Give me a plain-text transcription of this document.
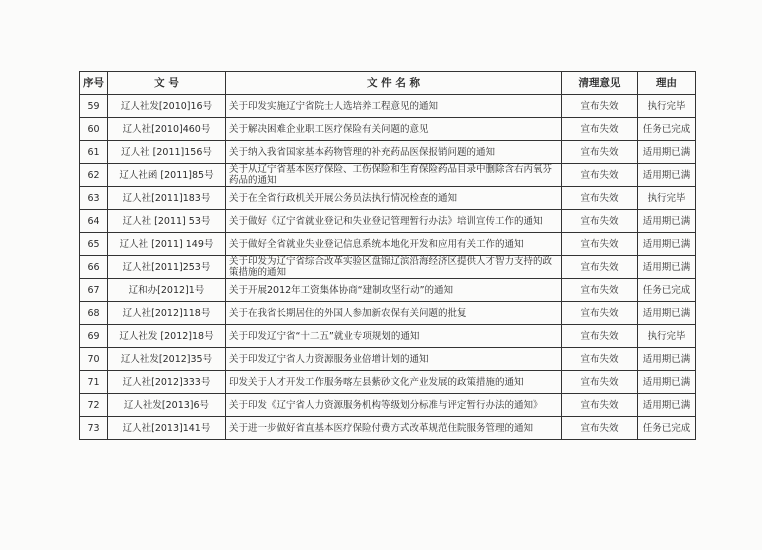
序号	文 号	文 件 名 称	清理意见	理由
59	辽人社发[2010]16号	关于印发实施辽宁省院士人选培养工程意见的通知	宣布失效	执行完毕
60	辽人社[2010]460号	关于解决困难企业职工医疗保险有关问题的意见	宣布失效	任务已完成
61	辽人社 [2011]156号	关于纳入我省国家基本药物管理的补充药品医保报销问题的通知	宣布失效	适用期已满
62	辽人社函 [2011]85号	关于从辽宁省基本医疗保险、工伤保险和生育保险药品目录中删除含右丙氧芬药品的通知	宣布失效	适用期已满
63	辽人社[2011]183号	关于在全省行政机关开展公务员法执行情况检查的通知	宣布失效	执行完毕
64	辽人社 [2011] 53号	关于做好《辽宁省就业登记和失业登记管理暂行办法》培训宣传工作的通知	宣布失效	适用期已满
65	辽人社 [2011] 149号	关于做好全省就业失业登记信息系统本地化开发和应用有关工作的通知	宣布失效	适用期已满
66	辽人社[2011]253号	关于印发为辽宁省综合改革实验区盘锦辽滨沿海经济区提供人才智力支持的政策措施的通知	宣布失效	适用期已满
67	辽和办[2012]1号	关于开展2012年工资集体协商“建制攻坚行动”的通知	宣布失效	任务已完成
68	辽人社[2012]118号	关于在我省长期居住的外国人参加新农保有关问题的批复	宣布失效	适用期已满
69	辽人社发 [2012]18号	关于印发辽宁省“十二五”就业专项规划的通知	宣布失效	执行完毕
70	辽人社发[2012]35号	关于印发辽宁省人力资源服务业倍增计划的通知	宣布失效	适用期已满
71	辽人社[2012]333号	印发关于人才开发工作服务喀左县紫砂文化产业发展的政策措施的通知	宣布失效	适用期已满
72	辽人社发[2013]6号	关于印发《辽宁省人力资源服务机构等级划分标准与评定暂行办法的通知》	宣布失效	适用期已满
73	辽人社[2013]141号	关于进一步做好省直基本医疗保险付费方式改革规范住院服务管理的通知	宣布失效	任务已完成
